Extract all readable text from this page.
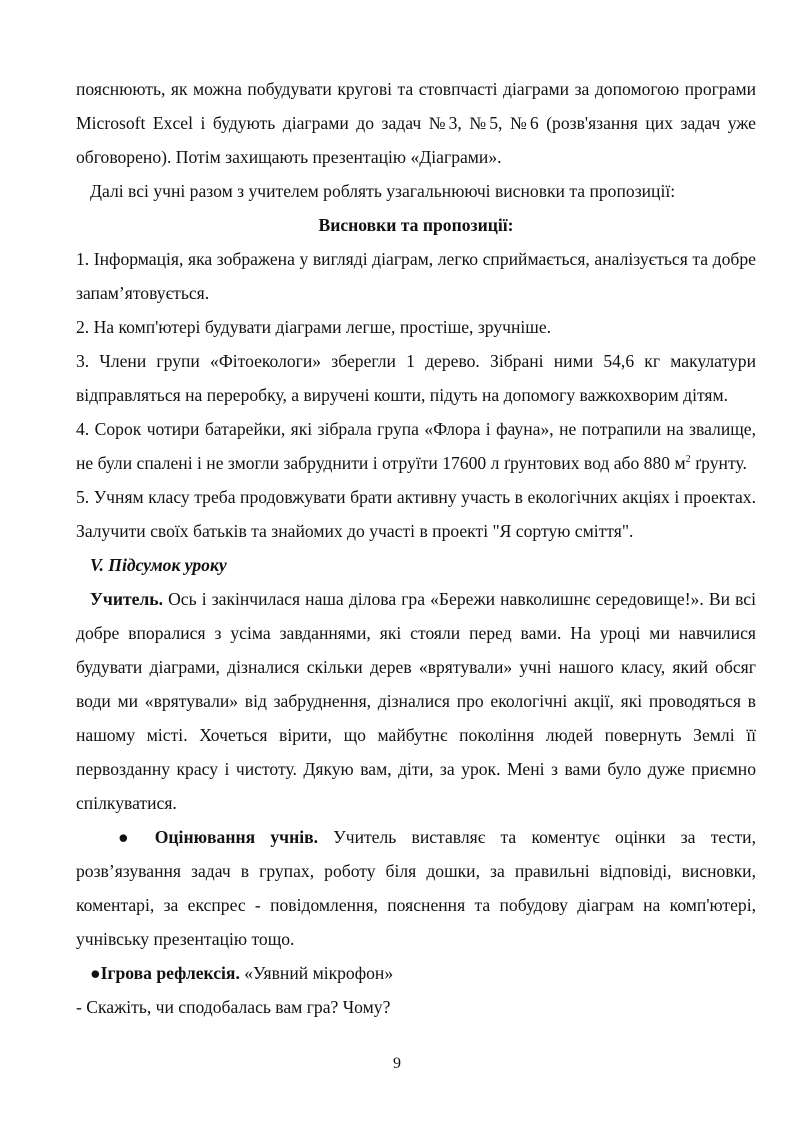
пояснюють, як можна побудувати кругові та стовпчасті діаграми за допомогою програми Microsoft Excel і будують діаграми до задач №3, №5, №6 (розв'язання цих задач уже обговорено). Потім захищають презентацію «Діаграми».

Далі всі учні разом з учителем роблять узагальнюючі висновки та пропозиції:

Висновки та пропозиції:

1. Інформація, яка зображена у вигляді діаграм, легко сприймається, аналізується та добре запам’ятовується.

2. На комп'ютері будувати діаграми легше, простіше, зручніше.

3. Члени групи «Фітоекологи» зберегли 1 дерево. Зібрані ними 54,6 кг макулатури відправляться на переробку, а виручені кошти, підуть на допомогу важкохворим дітям.

4. Сорок чотири батарейки, які зібрала група «Флора і фауна», не потрапили на звалище, не були спалені і не змогли забруднити і отруїти 17600 л ґрунтових вод або 880 $м^2$ ґрунту.

5. Учням класу треба продовжувати брати активну участь в екологічних акціях і проектах. Залучити своїх батьків та знайомих до участі в проекті "Я сортую сміття".

V. Підсумок уроку

Учитель. Ось і закінчилася наша ділова гра «Бережи навколишнє середовище!». Ви всі добре впоралися з усіма завданнями, які стояли перед вами. На уроці ми навчилися будувати діаграми, дізналися скільки дерев «врятували» учні нашого класу, який обсяг води ми «врятували» від забруднення, дізналися про екологічні акції, які проводяться в нашому місті. Хочеться вірити, що майбутнє покоління людей повернуть Землі її первозданну красу і чистоту. Дякую вам, діти, за урок. Мені з вами було дуже приємно спілкуватися.

● Оцінювання учнів. Учитель виставляє та коментує оцінки за тести, розв’язування задач в групах, роботу біля дошки, за правильні відповіді, висновки, коментарі, за експрес - повідомлення, пояснення та побудову діаграм на комп'ютері, учнівську презентацію тощо.

●Ігрова рефлексія. «Уявний мікрофон»

- Скажіть, чи сподобалась вам гра? Чому?

9
